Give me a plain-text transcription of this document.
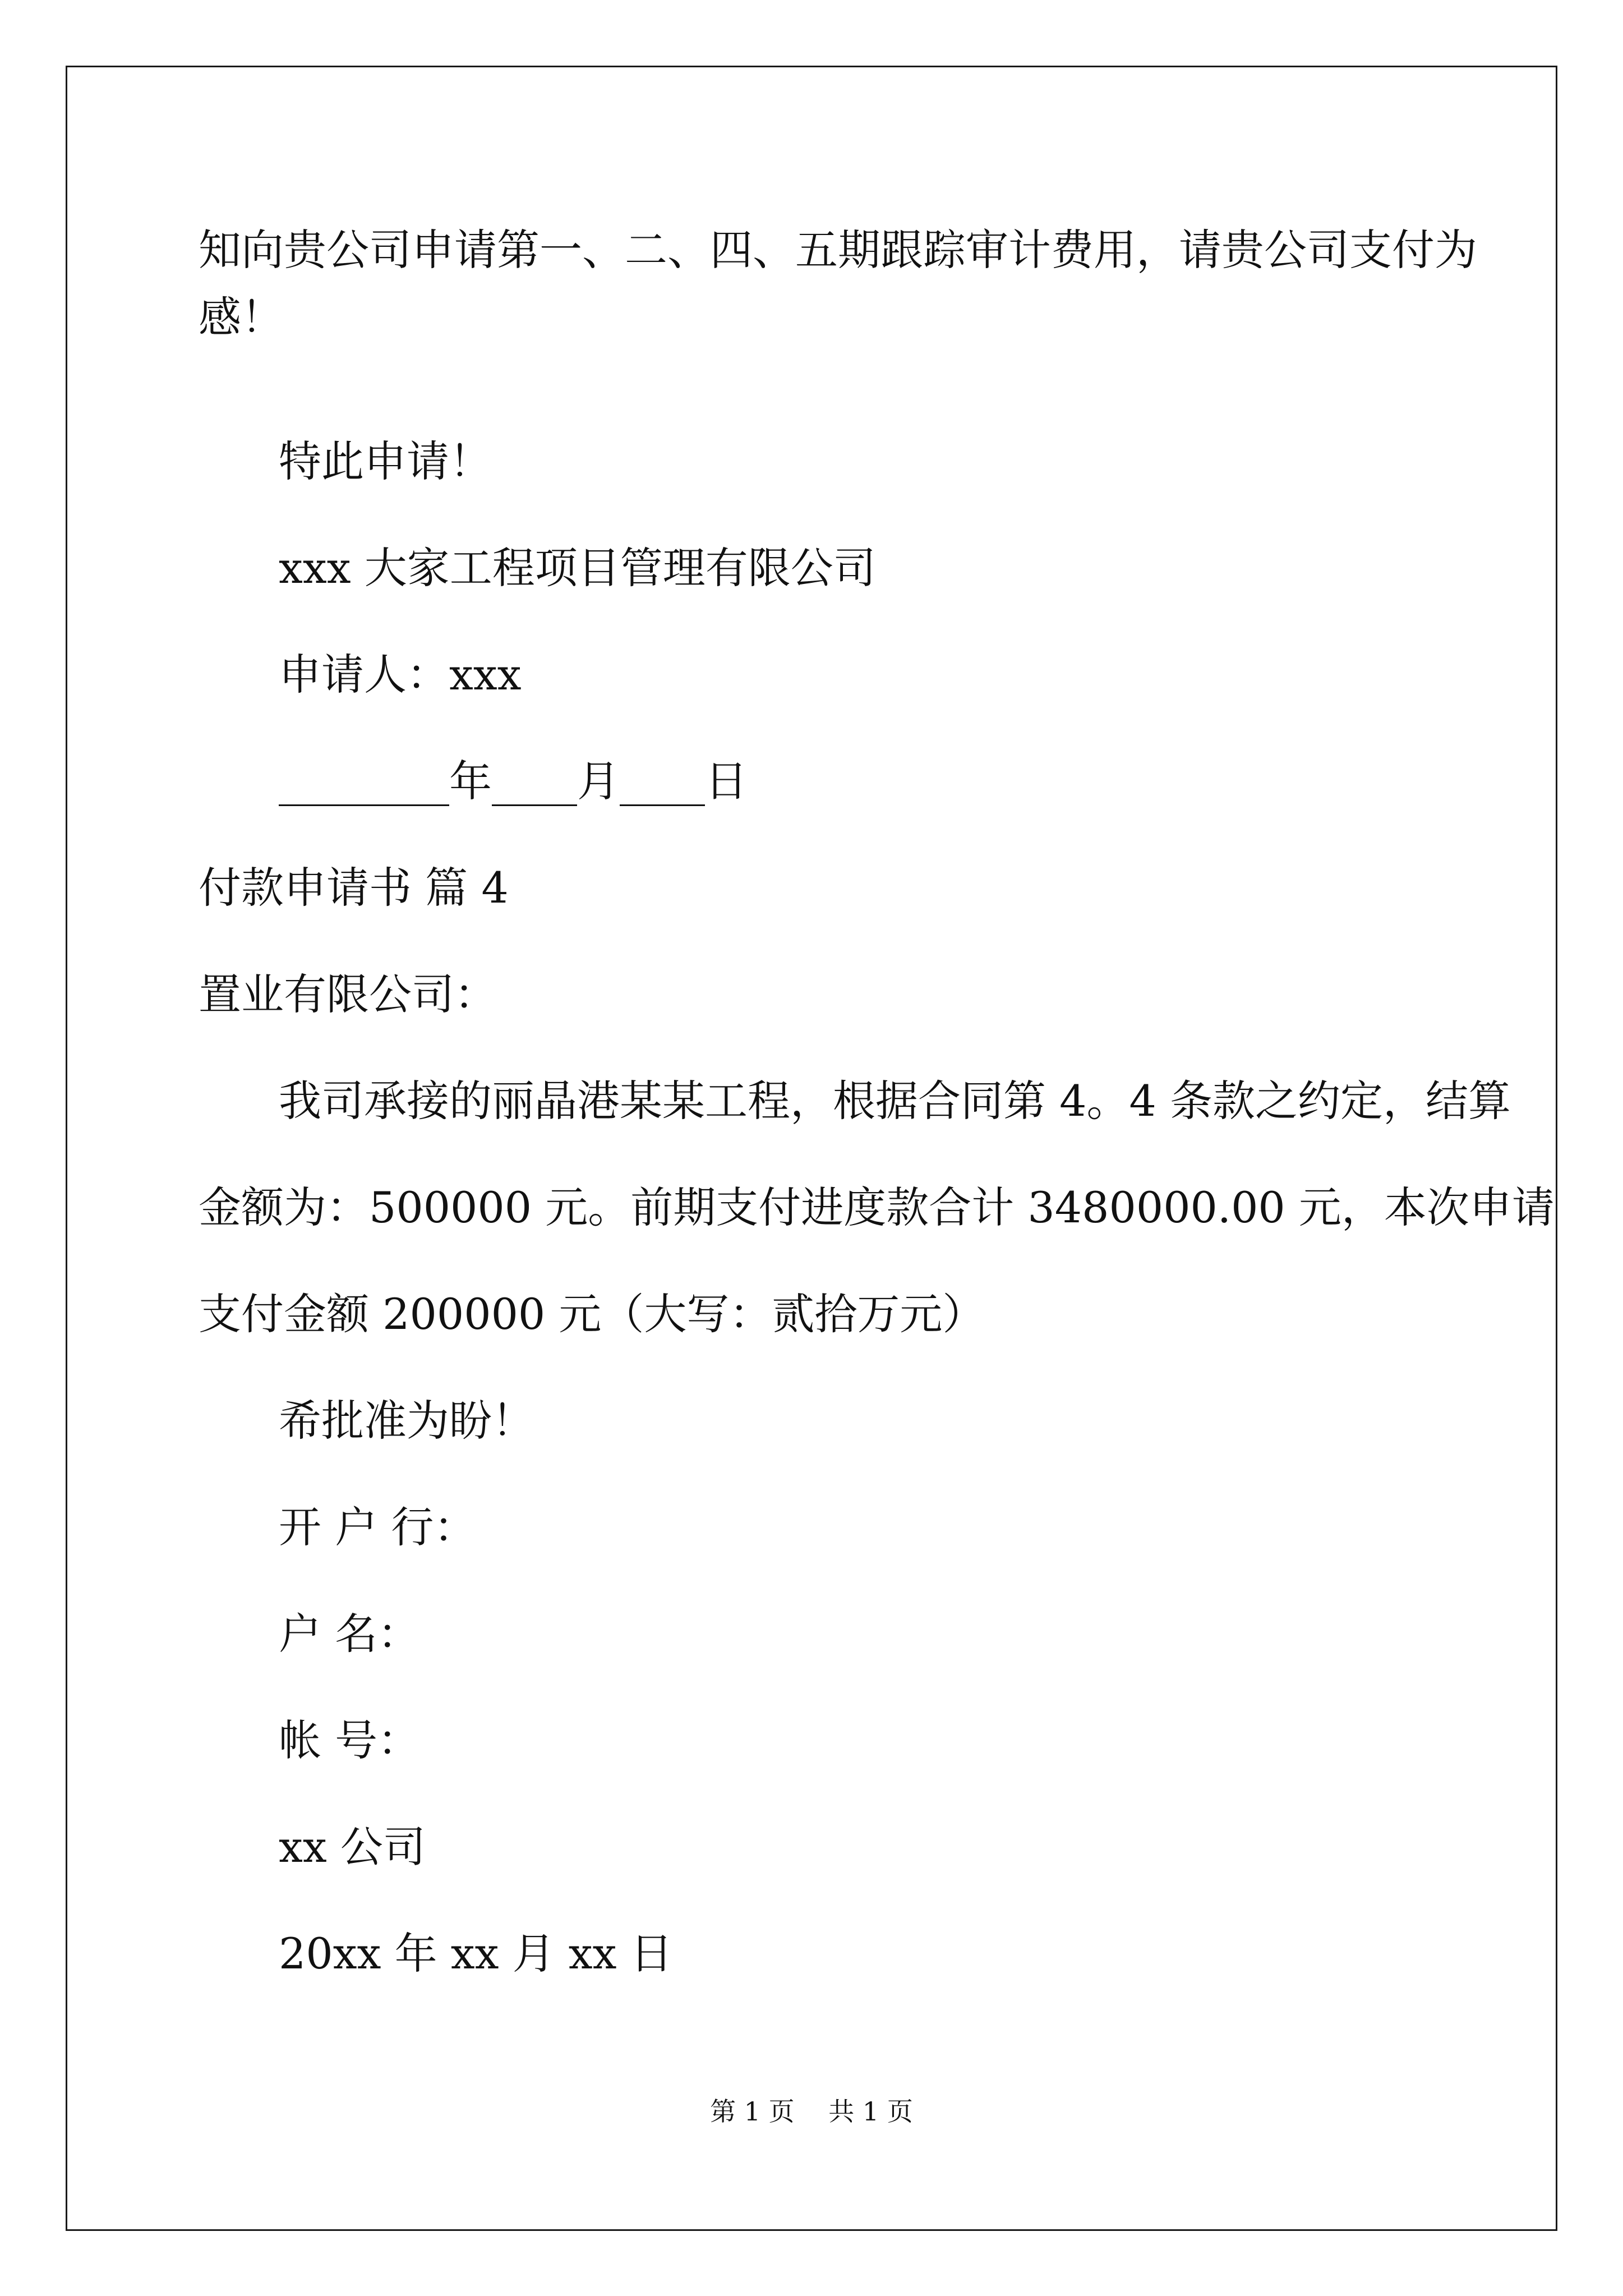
知向贵公司申请第一、二、四、五期跟踪审计费用，请贵公司支付为
感！
特此申请！
xxx 大家工程项目管理有限公司
申请人：xxx
________年____月____日
付款申请书 篇 4
置业有限公司：
我司承接的丽晶港某某工程，根据合同第 4。4 条款之约定，结算
金额为：500000 元。前期支付进度款合计 3480000.00 元，本次申请
支付金额 200000 元（大写：贰拾万元）
希批准为盼！
开 户 行：
户 名：
帐 号：
xx 公司
20xx 年 xx 月 xx 日
第 1 页　 共 1 页
